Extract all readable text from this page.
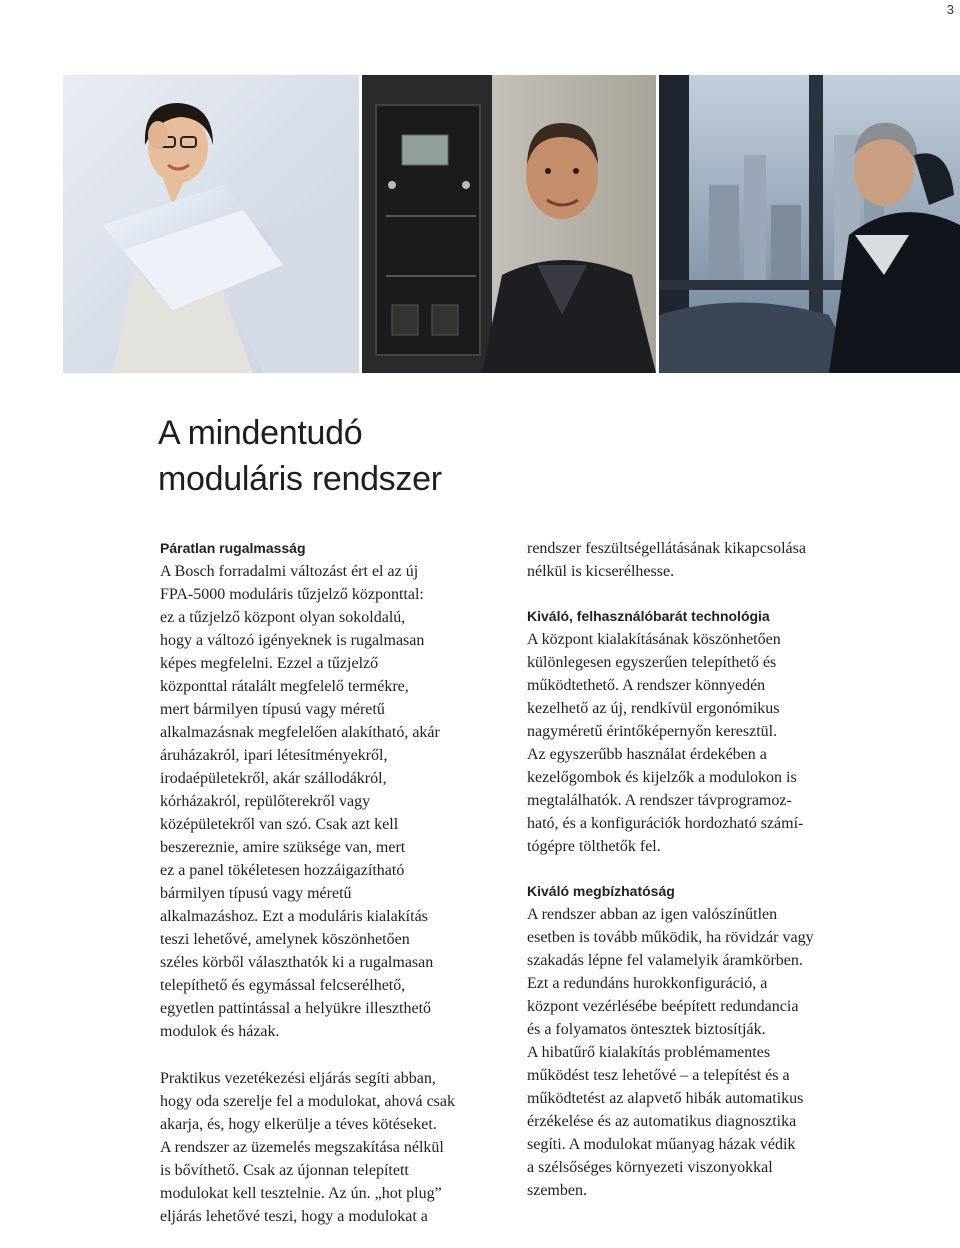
3
A mindentudó
moduláris rendszer
Páratlan rugalmasság

A Bosch forradalmi változást ért el az új
FPA-5000 moduláris tűzjelző központtal:
ez a tűzjelző központ olyan sokoldalú,
hogy a változó igényeknek is rugalmasan
képes megfelelni. Ezzel a tűzjelző
központtal rátalált megfelelő termékre,
mert bármilyen típusú vagy méretű
alkalmazásnak megfelelően alakítható, akár
áruházakról, ipari létesítményekről,
irodaépületekről, akár szállodákról,
kórházakról, repülőterekről vagy
középületekről van szó. Csak azt kell
beszereznie, amire szüksége van, mert
ez a panel tökéletesen hozzáigazítható
bármilyen típusú vagy méretű
alkalmazáshoz. Ezt a moduláris kialakítás
teszi lehetővé, amelynek köszönhetően
széles körből választhatók ki a rugalmasan
telepíthető és egymással felcserélhető,
egyetlen pattintással a helyükre illeszthető
modulok és házak.

Praktikus vezetékezési eljárás segíti abban,
hogy oda szerelje fel a modulokat, ahová csak
akarja, és, hogy elkerülje a téves kötéseket.
A rendszer az üzemelés megszakítása nélkül
is bővíthető. Csak az újonnan telepített
modulokat kell tesztelnie. Az ún. „hot plug”
eljárás lehetővé teszi, hogy a modulokat a

rendszer feszültségellátásának kikapcsolása
nélkül is kicserélhesse.

Kiváló, felhasználóbarát technológia

A központ kialakításának köszönhetően
különlegesen egyszerűen telepíthető és
működtethető. A rendszer könnyedén
kezelhető az új, rendkívül ergonómikus
nagyméretű érintőképernyőn keresztül.
Az egyszerűbb használat érdekében a
kezelőgombok és kijelzők a modulokon is
megtalálhatók. A rendszer távprogramoz-
ható, és a konfigurációk hordozható számí-
tógépre tölthetők fel.

Kiváló megbízhatóság

A rendszer abban az igen valószínűtlen
esetben is tovább működik, ha rövidzár vagy
szakadás lépne fel valamelyik áramkörben.
Ezt a redundáns hurokkonfiguráció, a
központ vezérlésébe beépített redundancia
és a folyamatos öntesztek biztosítják.
A hibatűrő kialakítás problémamentes
működést tesz lehetővé – a telepítést és a
működtetést az alapvető hibák automatikus
érzékelése és az automatikus diagnosztika
segíti. A modulokat műanyag házak védik
a szélsőséges környezeti viszonyokkal
szemben.
